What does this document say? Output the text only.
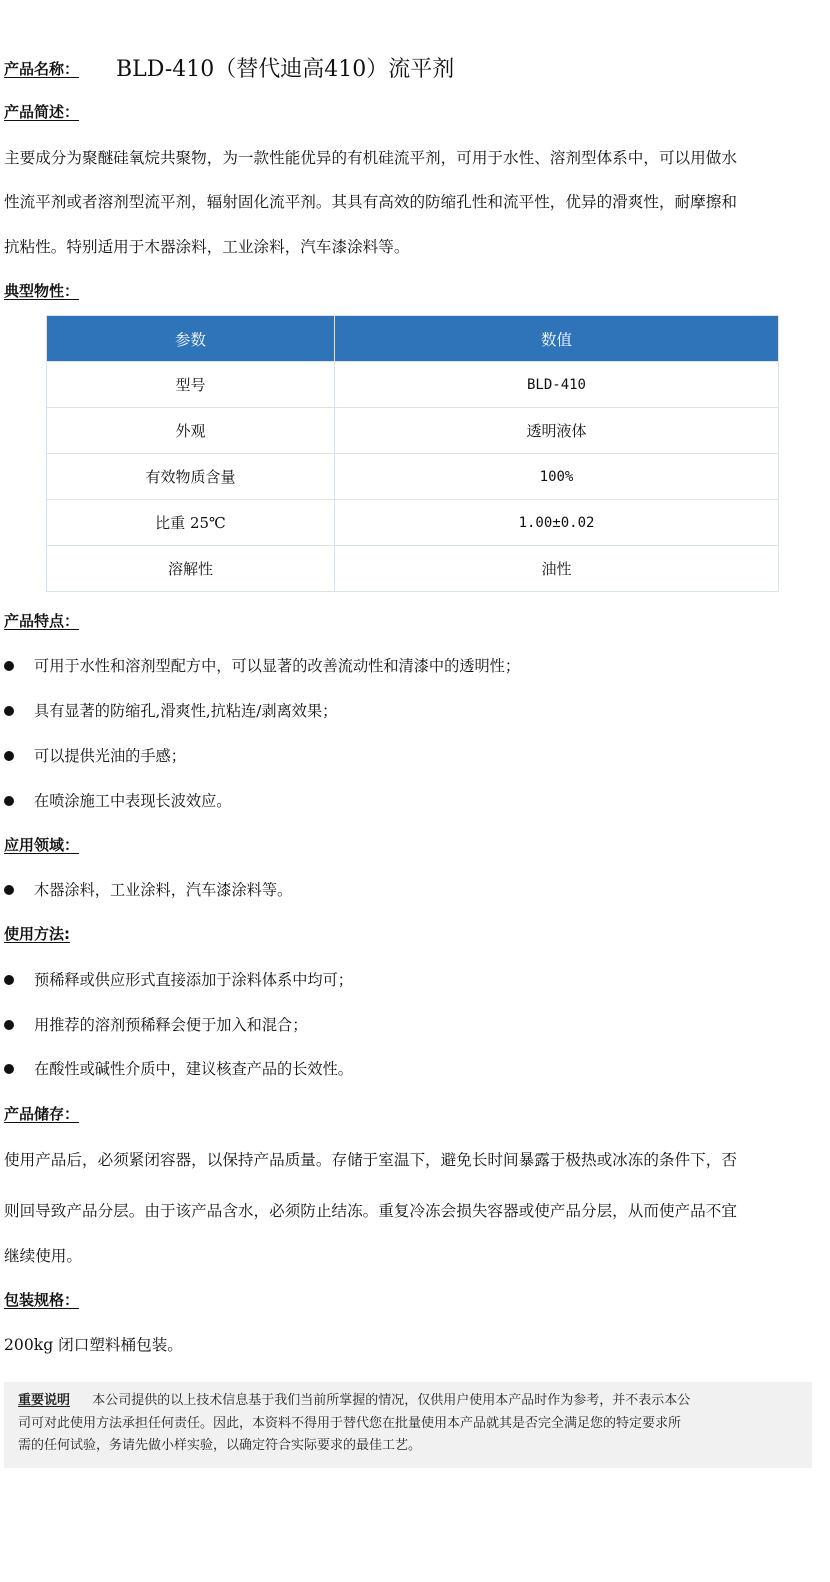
产品名称： BLD-410（替代迪高410）流平剂
产品简述：
主要成分为聚醚硅氧烷共聚物，为一款性能优异的有机硅流平剂，可用于水性、溶剂型体系中，可以用做水
性流平剂或者溶剂型流平剂，辐射固化流平剂。其具有高效的防缩孔性和流平性，优异的滑爽性，耐摩擦和
抗粘性。特别适用于木器涂料，工业涂料，汽车漆涂料等。
典型物性：
参数	数值
型号	BLD-410
外观	透明液体
有效物质含量	100%
比重 25℃	1.00±0.02
溶解性	油性
产品特点：
可用于水性和溶剂型配方中，可以显著的改善流动性和清漆中的透明性；
具有显著的防缩孔,滑爽性,抗粘连/剥离效果；
可以提供光油的手感；
在喷涂施工中表现长波效应。
应用领域：
木器涂料，工业涂料，汽车漆涂料等。
使用方法:
预稀释或供应形式直接添加于涂料体系中均可；
用推荐的溶剂预稀释会便于加入和混合；
在酸性或碱性介质中，建议核查产品的长效性。
产品储存：
使用产品后，必须紧闭容器，以保持产品质量。存储于室温下，避免长时间暴露于极热或冰冻的条件下，否
则回导致产品分层。由于该产品含水，必须防止结冻。重复冷冻会损失容器或使产品分层，从而使产品不宜
继续使用。
包装规格：
200kg 闭口塑料桶包装。
重要说明 本公司提供的以上技术信息基于我们当前所掌握的情况，仅供用户使用本产品时作为参考，并不表示本公
司可对此使用方法承担任何责任。因此，本资料不得用于替代您在批量使用本产品就其是否完全满足您的特定要求所
需的任何试验，务请先做小样实验，以确定符合实际要求的最佳工艺。
